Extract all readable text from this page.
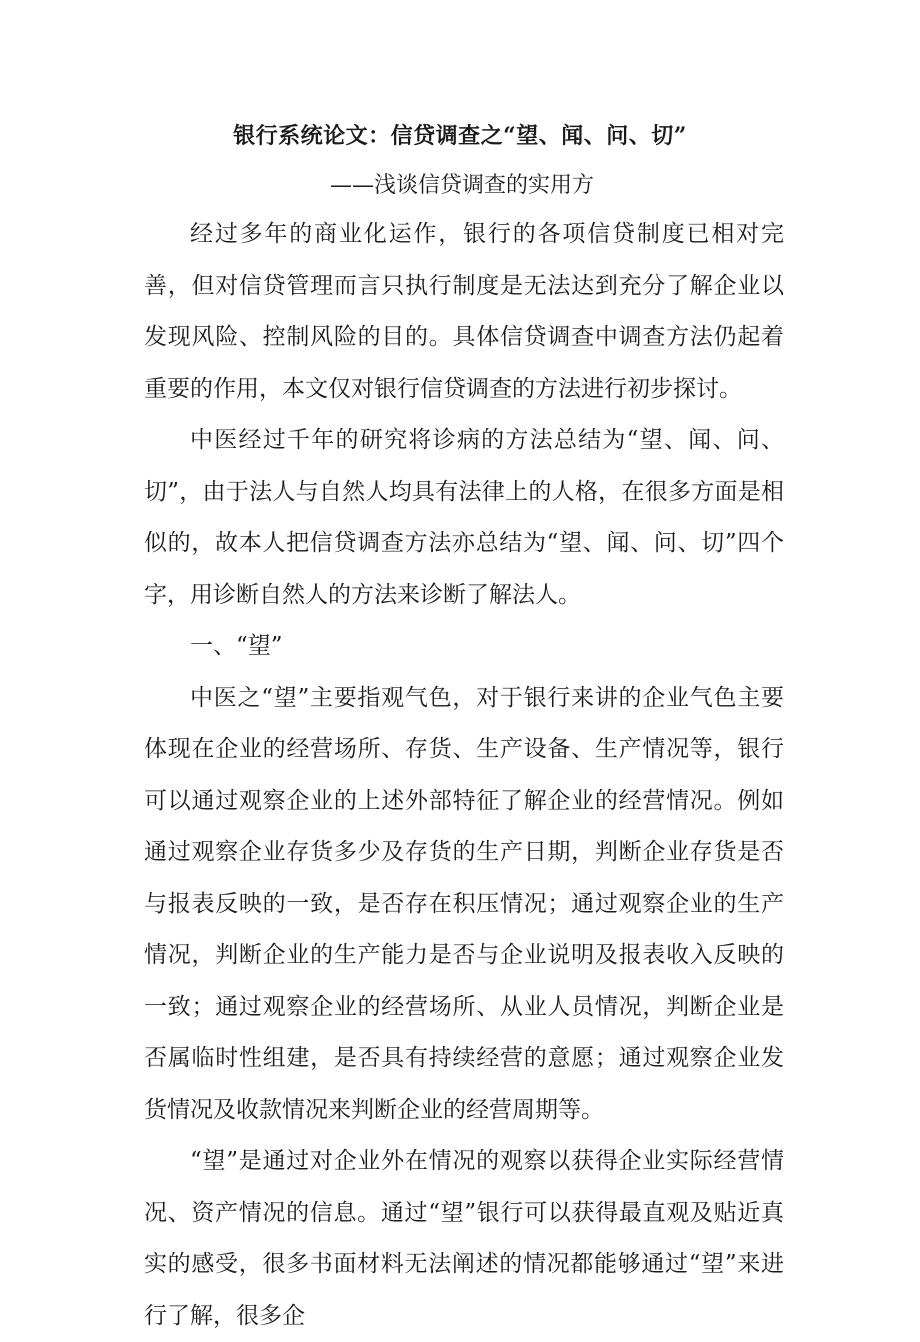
银行系统论文：信贷调查之“望、闻、问、切”
——浅谈信贷调查的实用方

经过多年的商业化运作，银行的各项信贷制度已相对完善，但对信贷管理而言只执行制度是无法达到充分了解企业以发现风险、控制风险的目的。具体信贷调查中调查方法仍起着重要的作用，本文仅对银行信贷调查的方法进行初步探讨。

中医经过千年的研究将诊病的方法总结为“望、闻、问、切”，由于法人与自然人均具有法律上的人格，在很多方面是相似的，故本人把信贷调查方法亦总结为“望、闻、问、切”四个字，用诊断自然人的方法来诊断了解法人。

一、“望”

中医之“望”主要指观气色，对于银行来讲的企业气色主要体现在企业的经营场所、存货、生产设备、生产情况等，银行可以通过观察企业的上述外部特征了解企业的经营情况。例如通过观察企业存货多少及存货的生产日期，判断企业存货是否与报表反映的一致，是否存在积压情况；通过观察企业的生产情况，判断企业的生产能力是否与企业说明及报表收入反映的一致；通过观察企业的经营场所、从业人员情况，判断企业是否属临时性组建，是否具有持续经营的意愿；通过观察企业发货情况及收款情况来判断企业的经营周期等。

“望”是通过对企业外在情况的观察以获得企业实际经营情况、资产情况的信息。通过“望”银行可以获得最直观及贴近真实的感受，很多书面材料无法阐述的情况都能够通过“望”来进行了解，很多企
